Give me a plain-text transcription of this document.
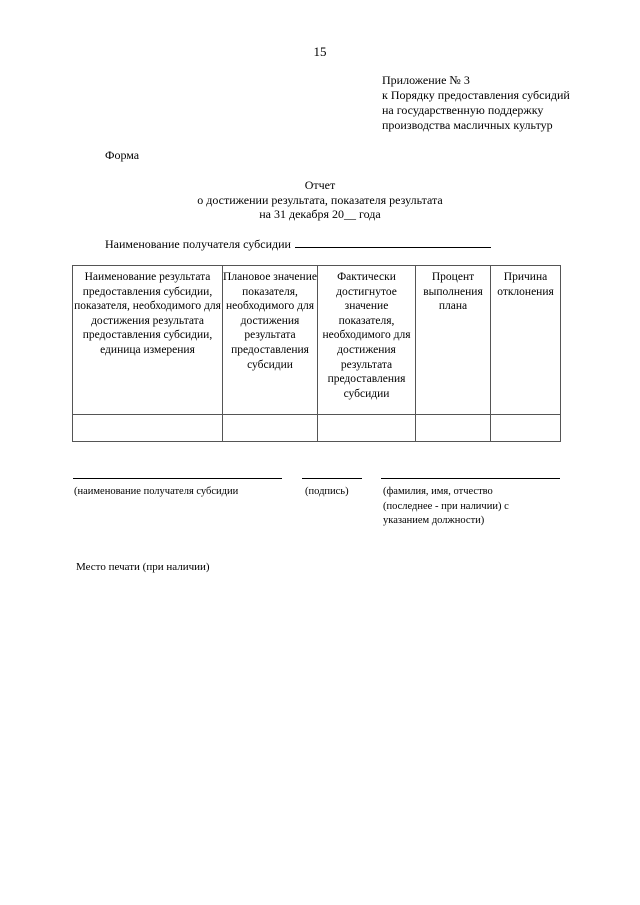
15
Приложение № 3
к Порядку предоставления субсидий
на государственную поддержку
производства масличных культур
Форма
Отчет
о достижении результата, показателя результата
на 31 декабря 20__ года
Наименование получателя субсидии
Наименование результата предоставления субсидии, показателя, необходимого для достижения результата предоставления субсидии, единица измерения	Плановое значение показателя, необходимого для достижения результата предоставления субсидии	Фактически достигнутое значение показателя, необходимого для достижения результата предоставления субсидии	Процент выполнения плана	Причина отклонения

(наименование получателя субсидии	(подпись)	(фамилия, имя, отчество (последнее - при наличии) с указанием должности)
Место печати (при наличии)
